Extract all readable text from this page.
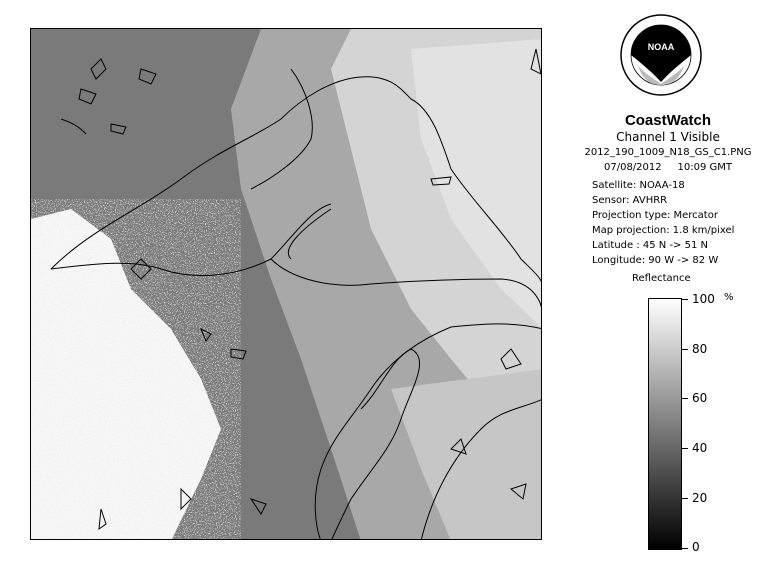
NOAA
CoastWatch
Channel 1 Visible
2012_190_1009_N18_GS_C1.PNG
07/08/2012 10:09 GMT
Satellite: NOAA-18
Sensor: AVHRR
Projection type: Mercator
Map projection: 1.8 km/pixel
Latitude : 45 N -> 51 N
Longitude: 90 W -> 82 W
Reflectance
%
100
80
60
40
20
0
